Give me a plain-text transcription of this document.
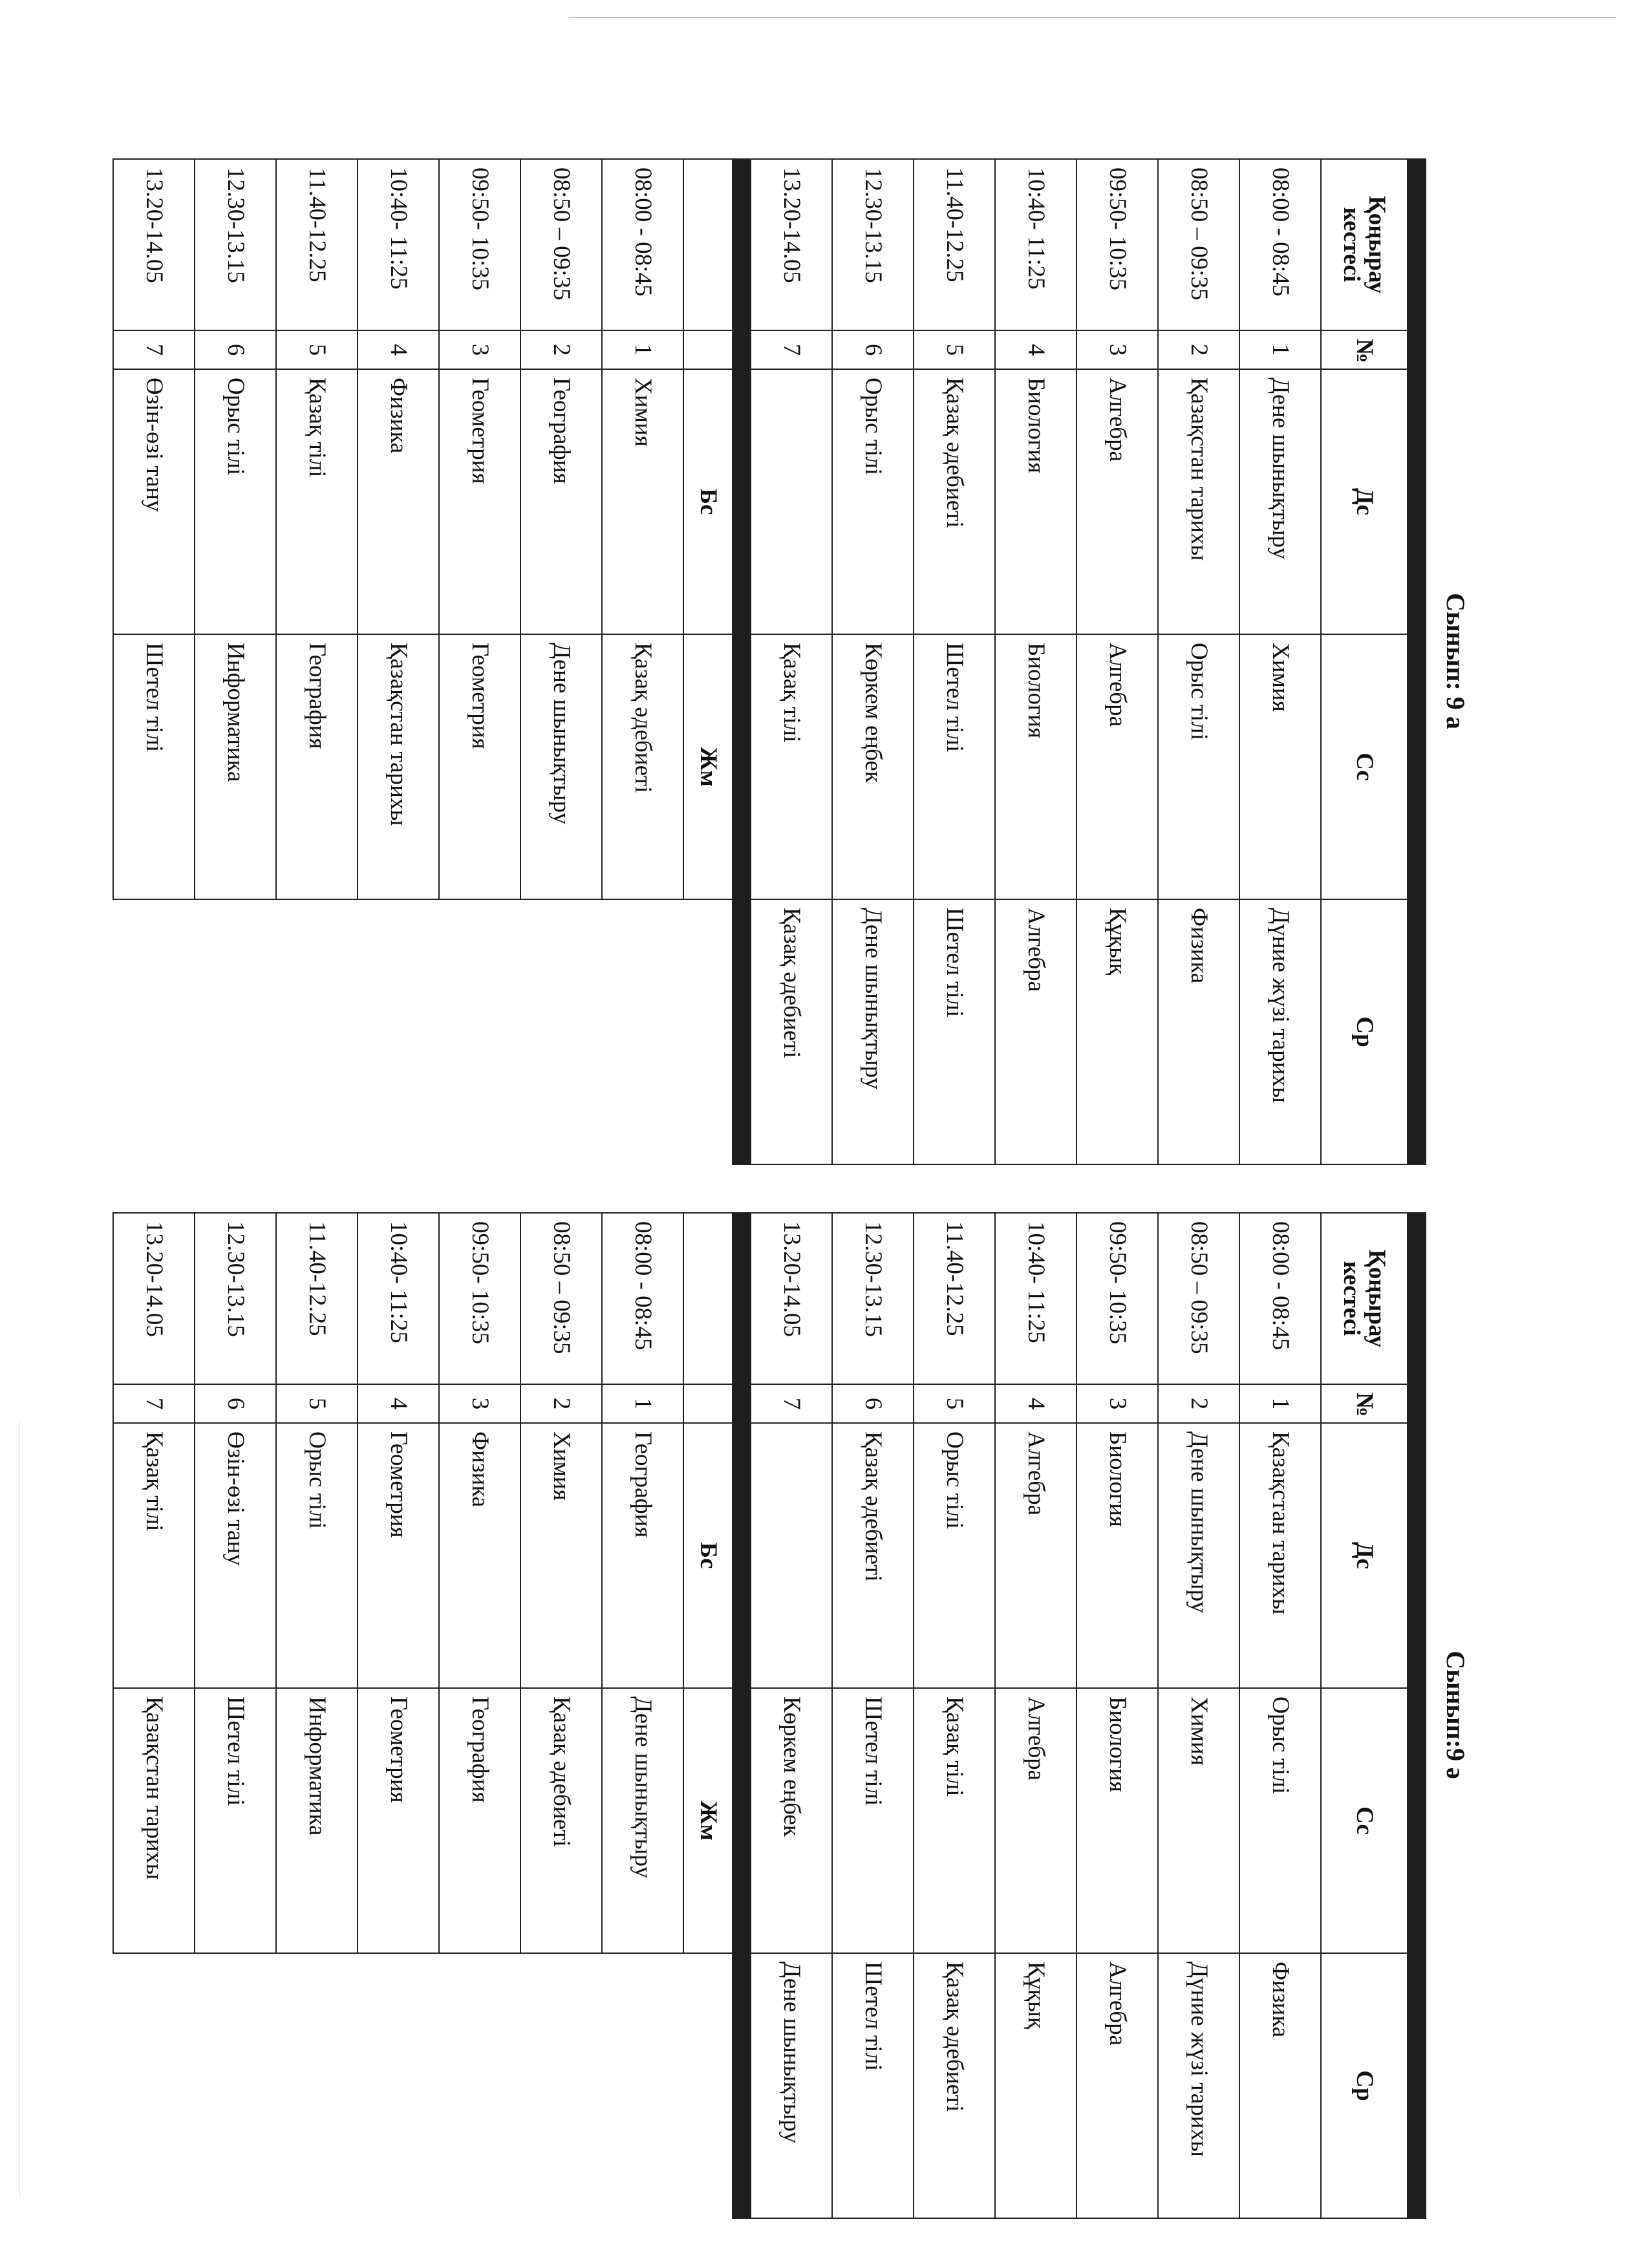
Сынып: 9 а

Қоңырау кестесі	№	Дс	Сс	Ср
08:00 - 08:45	1	Дене шынықтыру	Химия	Дүние жүзі тарихы
08:50 – 09:35	2	Қазақстан тарихы	Орыс тілі	Физика
09:50- 10:35	3	Алгебра	Алгебра	Құқық
10:40- 11:25	4	Биология	Биология	Алгебра
11.40-12.25	5	Қазақ әдебиеті	Шетел тілі	Шетел тілі
12.30-13.15	6	Орыс тілі	Көркем еңбек	Дене шынықтыру
13.20-14.05	7		Қазақ тілі	Қазақ әдебиеті

		Бс	Жм	
08:00 - 08:45	1	Химия	Қазақ әдебиеті	
08:50 – 09:35	2	География	Дене шынықтыру	
09:50- 10:35	3	Геометрия	Геометрия	
10:40- 11:25	4	Физика	Қазақстан тарихы	
11.40-12.25	5	Қазақ тілі	География	
12.30-13.15	6	Орыс тілі	Информатика	
13.20-14.05	7	Өзін-өзі тану	Шетел тілі	
Сынып:9 ә

Қоңырау кестесі	№	Дс	Сс	Ср
08:00 - 08:45	1	Қазақстан тарихы	Орыс тілі	Физика
08:50 – 09:35	2	Дене шынықтыру	Химия	Дүние жүзі тарихы
09:50- 10:35	3	Биология	Биология	Алгебра
10:40- 11:25	4	Алгебра	Алгебра	Құқық
11.40-12.25	5	Орыс тілі	Қазақ тілі	Қазақ әдебиеті
12.30-13.15	6	Қазақ әдебиеті	Шетел тілі	Шетел тілі
13.20-14.05	7		Көркем еңбек	Дене шынықтыру

		Бс	Жм	
08:00 - 08:45	1	География	Дене шынықтыру	
08:50 – 09:35	2	Химия	Қазақ әдебиеті	
09:50- 10:35	3	Физика	География	
10:40- 11:25	4	Геометрия	Геометрия	
11.40-12.25	5	Орыс тілі	Информатика	
12.30-13.15	6	Өзін-өзі тану	Шетел тілі	
13.20-14.05	7	Қазақ тілі	Қазақстан тарихы	
